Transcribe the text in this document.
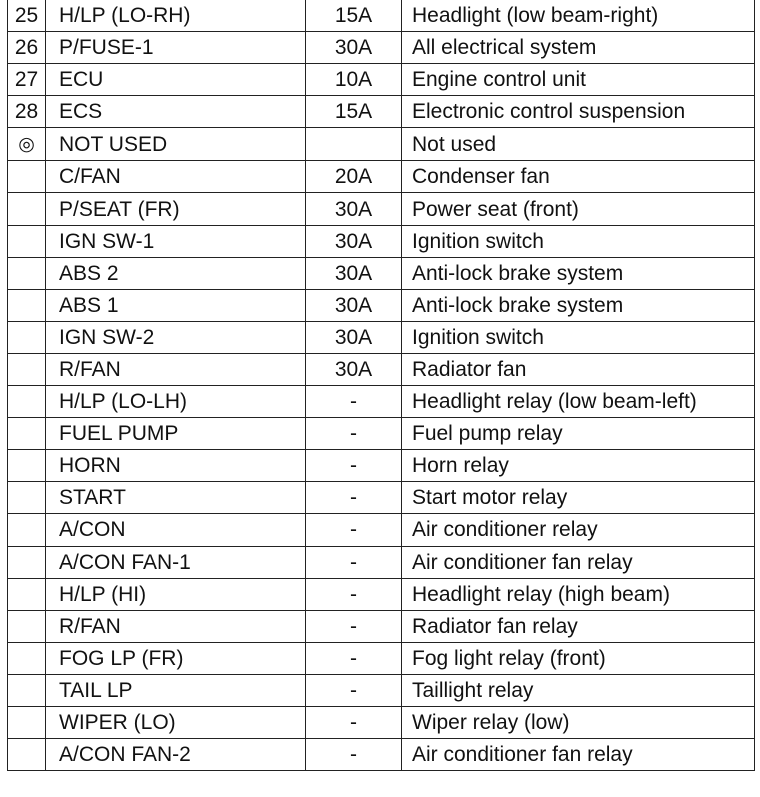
25	H/LP (LO-RH)	15A	Headlight (low beam-right)
26	P/FUSE-1	30A	All electrical system
27	ECU	10A	Engine control unit
28	ECS	15A	Electronic control suspension
◎	NOT USED		Not used
	C/FAN	20A	Condenser fan
	P/SEAT (FR)	30A	Power seat (front)
	IGN SW-1	30A	Ignition switch
	ABS 2	30A	Anti-lock brake system
	ABS 1	30A	Anti-lock brake system
	IGN SW-2	30A	Ignition switch
	R/FAN	30A	Radiator fan
	H/LP (LO-LH)	-	Headlight relay (low beam-left)
	FUEL PUMP	-	Fuel pump relay
	HORN	-	Horn relay
	START	-	Start motor relay
	A/CON	-	Air conditioner relay
	A/CON FAN-1	-	Air conditioner fan relay
	H/LP (HI)	-	Headlight relay (high beam)
	R/FAN	-	Radiator fan relay
	FOG LP (FR)	-	Fog light relay (front)
	TAIL LP	-	Taillight relay
	WIPER (LO)	-	Wiper relay (low)
	A/CON FAN-2	-	Air conditioner fan relay
